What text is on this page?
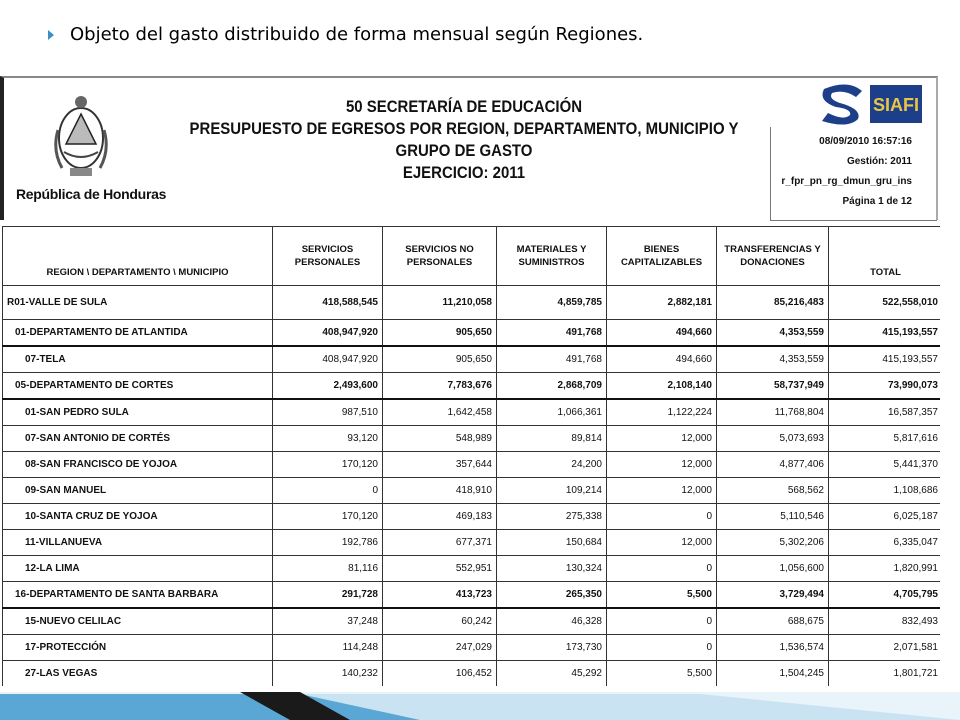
Objeto del gasto distribuido de forma mensual según Regiones.
República de Honduras
50 SECRETARÍA DE EDUCACIÓN
PRESUPUESTO DE EGRESOS POR REGION, DEPARTAMENTO, MUNICIPIO Y GRUPO DE GASTO
EJERCICIO: 2011
SIAFI
08/09/2010 16:57:16
Gestión: 2011
r_fpr_pn_rg_dmun_gru_ins
Página 1 de 12
REGION \ DEPARTAMENTO \ MUNICIPIO	SERVICIOS PERSONALES	SERVICIOS NO PERSONALES	MATERIALES Y SUMINISTROS	BIENES CAPITALIZABLES	TRANSFERENCIAS Y DONACIONES	TOTAL
R01-VALLE DE SULA	418,588,545	11,210,058	4,859,785	2,882,181	85,216,483	522,558,010
01-DEPARTAMENTO DE ATLANTIDA	408,947,920	905,650	491,768	494,660	4,353,559	415,193,557
07-TELA	408,947,920	905,650	491,768	494,660	4,353,559	415,193,557
05-DEPARTAMENTO DE CORTES	2,493,600	7,783,676	2,868,709	2,108,140	58,737,949	73,990,073
01-SAN PEDRO SULA	987,510	1,642,458	1,066,361	1,122,224	11,768,804	16,587,357
07-SAN ANTONIO DE CORTÉS	93,120	548,989	89,814	12,000	5,073,693	5,817,616
08-SAN FRANCISCO DE YOJOA	170,120	357,644	24,200	12,000	4,877,406	5,441,370
09-SAN MANUEL	0	418,910	109,214	12,000	568,562	1,108,686
10-SANTA CRUZ DE YOJOA	170,120	469,183	275,338	0	5,110,546	6,025,187
11-VILLANUEVA	192,786	677,371	150,684	12,000	5,302,206	6,335,047
12-LA LIMA	81,116	552,951	130,324	0	1,056,600	1,820,991
16-DEPARTAMENTO DE SANTA BARBARA	291,728	413,723	265,350	5,500	3,729,494	4,705,795
15-NUEVO CELILAC	37,248	60,242	46,328	0	688,675	832,493
17-PROTECCIÓN	114,248	247,029	173,730	0	1,536,574	2,071,581
27-LAS VEGAS	140,232	106,452	45,292	5,500	1,504,245	1,801,721
